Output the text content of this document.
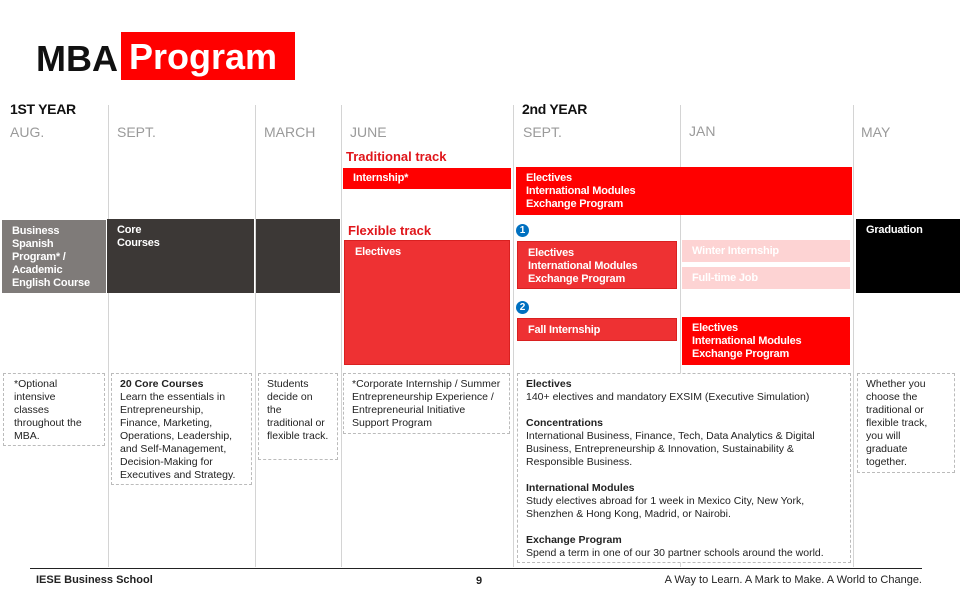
MBA Program
1ST YEAR	2nd YEAR
AUG.	SEPT.	MARCH JUNE	SEPT.	JAN	MAY
Traditional track
Flexible track
Business Spanish Program* / Academic English Course
Core Courses
Internship*	Electives
International Modules
Exchange Program
Electives
1
Electives
International Modules
Exchange Program
Winter Internship
Full-time Job
2
Fall Internship	Electives
International Modules
Exchange Program
Graduation
*Optional intensive classes throughout the MBA.
20 Core Courses
Learn the essentials in Entrepreneurship, Finance, Marketing, Operations, Leadership, and Self-Management, Decision-Making for Executives and Strategy.
Students decide on the traditional or flexible track.
*Corporate Internship / Summer Entrepreneurship Experience / Entrepreneurial Initiative Support Program

Electives
140+ electives and mandatory EXSIM (Executive Simulation)

Concentrations
International Business, Finance, Tech, Data Analytics & Digital Business, Entrepreneurship & Innovation, Sustainability & Responsible Business.

International Modules
Study electives abroad for 1 week in Mexico City, New York, Shenzhen & Hong Kong, Madrid, or Nairobi.

Exchange Program
Spend a term in one of our 30 partner schools around the world.

Whether you choose the traditional or flexible track, you will graduate together.
IESE Business School	9	A Way to Learn. A Mark to Make. A World to Change.
